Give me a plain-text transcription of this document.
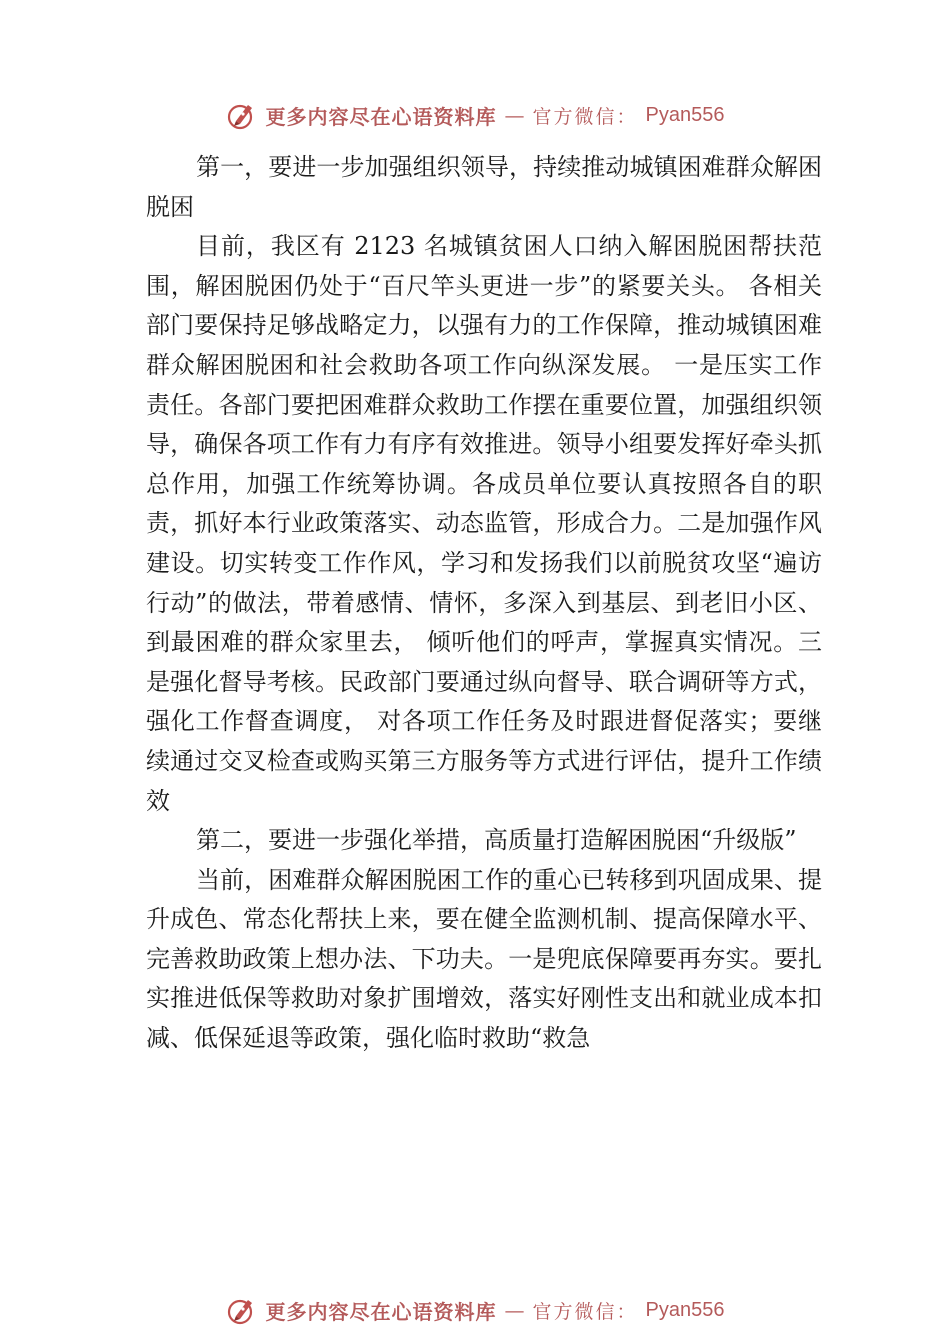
更多内容尽在心语资料库 — 官方微信： Pyan556

第一，要进一步加强组织领导，持续推动城镇困难群众解困脱困

目前，我区有 2123 名城镇贫困人口纳入解困脱困帮扶范围，解困脱困仍处于“百尺竿头更进一步”的紧要关头。 各相关部门要保持足够战略定力，以强有力的工作保障，推动城镇困难群众解困脱困和社会救助各项工作向纵深发展。 一是压实工作责任。各部门要把困难群众救助工作摆在重要位置，加强组织领导，确保各项工作有力有序有效推进。领导小组要发挥好牵头抓总作用，加强工作统筹协调。各成员单位要认真按照各自的职责，抓好本行业政策落实、动态监管，形成合力。二是加强作风建设。切实转变工作作风，学习和发扬我们以前脱贫攻坚“遍访行动”的做法，带着感情、情怀，多深入到基层、到老旧小区、到最困难的群众家里去， 倾听他们的呼声，掌握真实情况。三是强化督导考核。民政部门要通过纵向督导、联合调研等方式，强化工作督查调度， 对各项工作任务及时跟进督促落实；要继续通过交叉检查或购买第三方服务等方式进行评估，提升工作绩效

第二，要进一步强化举措，高质量打造解困脱困“升级版”

当前，困难群众解困脱困工作的重心已转移到巩固成果、提升成色、常态化帮扶上来，要在健全监测机制、提高保障水平、完善救助政策上想办法、下功夫。一是兜底保障要再夯实。要扎实推进低保等救助对象扩围增效，落实好刚性支出和就业成本扣减、低保延退等政策，强化临时救助“救急

更多内容尽在心语资料库 — 官方微信： Pyan556
